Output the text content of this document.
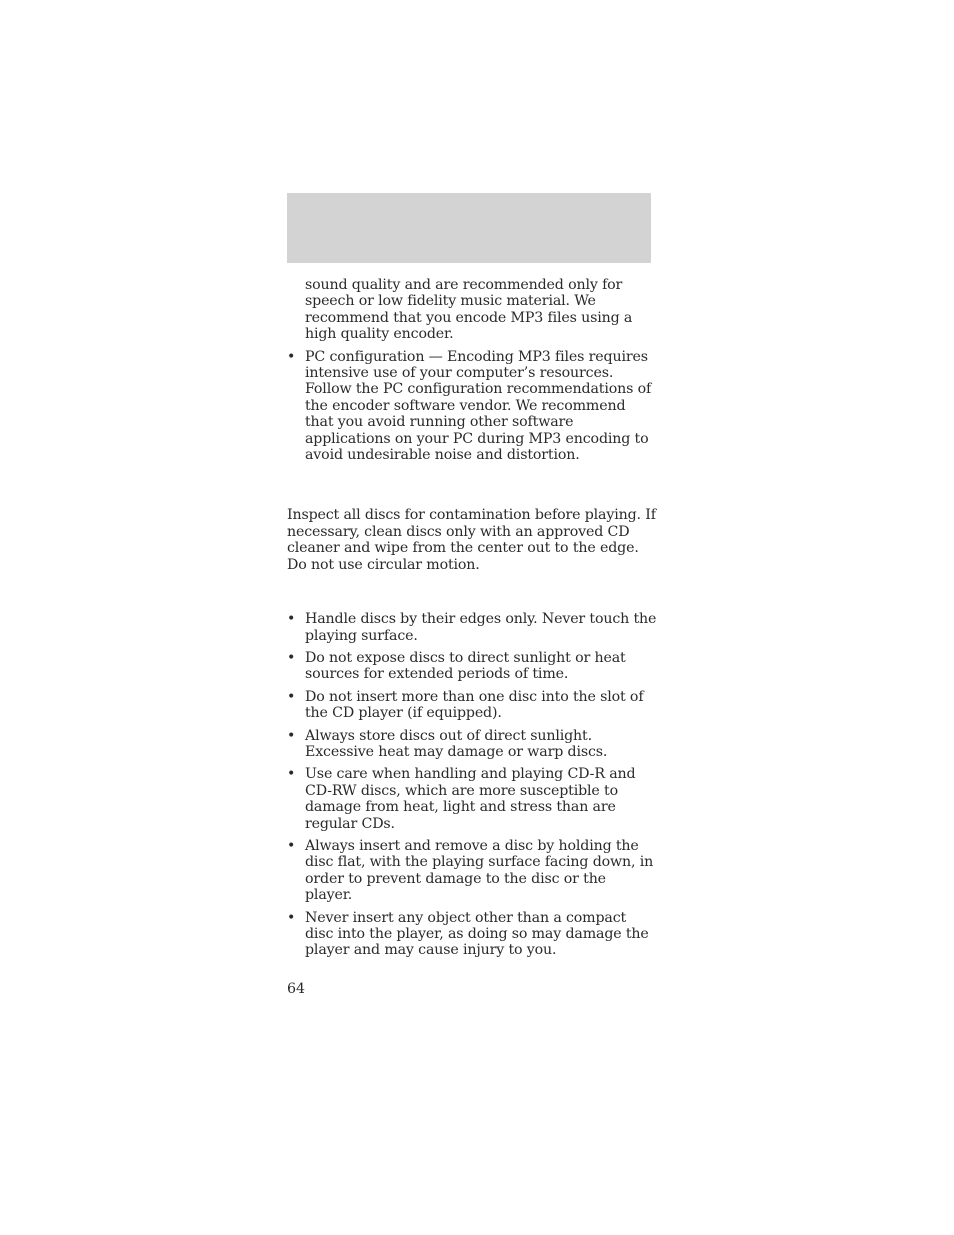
sound quality and are recommended only for speech or low fidelity music material. We recommend that you encode MP3 files using a high quality encoder.

• PC configuration — Encoding MP3 files requires intensive use of your computer’s resources. Follow the PC configuration recommendations of the encoder software vendor. We recommend that you avoid running other software applications on your PC during MP3 encoding to avoid undesirable noise and distortion.

Inspect all discs for contamination before playing. If necessary, clean discs only with an approved CD cleaner and wipe from the center out to the edge. Do not use circular motion.

• Handle discs by their edges only. Never touch the playing surface.
• Do not expose discs to direct sunlight or heat sources for extended periods of time.
• Do not insert more than one disc into the slot of the CD player (if equipped).
• Always store discs out of direct sunlight. Excessive heat may damage or warp discs.
• Use care when handling and playing CD-R and CD-RW discs, which are more susceptible to damage from heat, light and stress than are regular CDs.
• Always insert and remove a disc by holding the disc flat, with the playing surface facing down, in order to prevent damage to the disc or the player.
• Never insert any object other than a compact disc into the player, as doing so may damage the player and may cause injury to you.
64
